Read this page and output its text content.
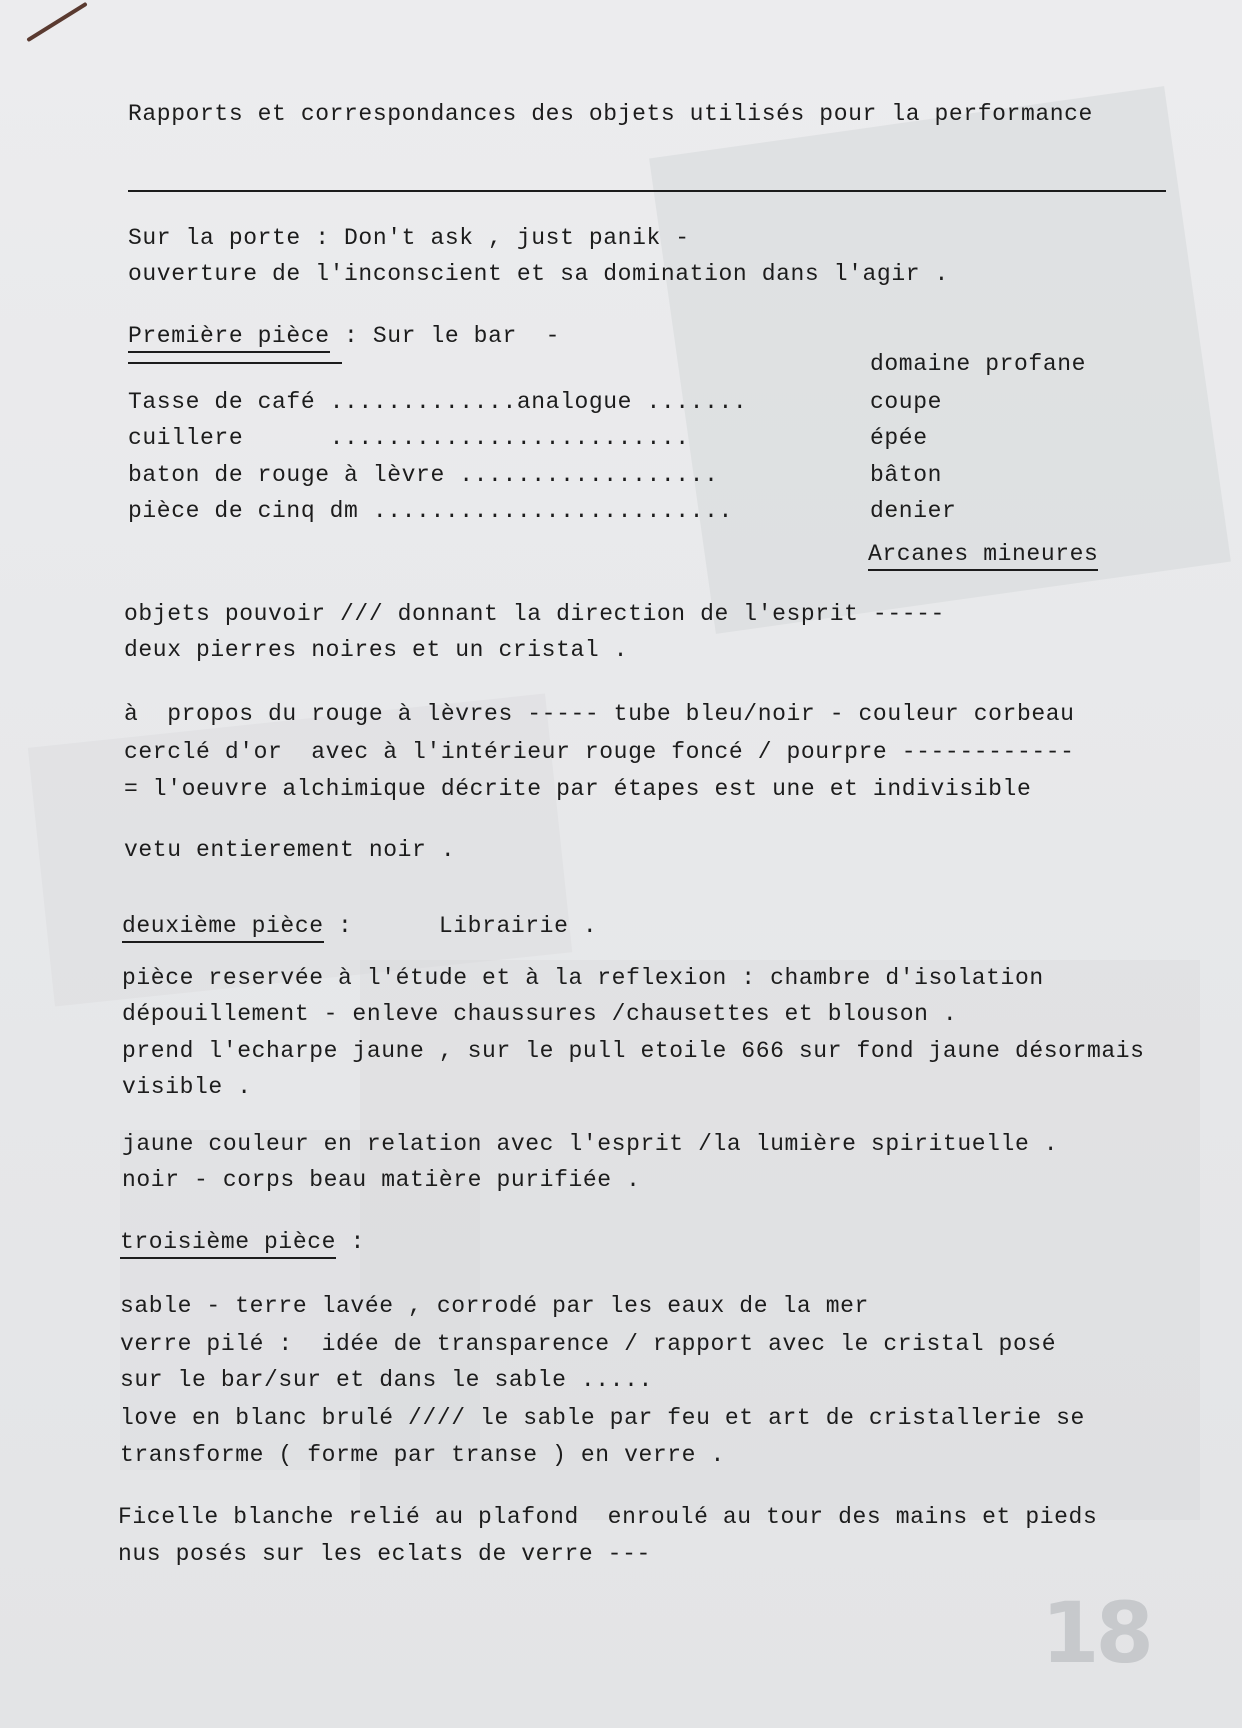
Rapports et correspondances des objets utilisés pour la performance
Sur la porte : Don't ask , just panik -
ouverture de l'inconscient et sa domination dans l'agir .
Première pièce : Sur le bar  -
domaine profane
Tasse de café .............analogue .......	coupe
cuillere      .........................	épée
baton de rouge à lèvre ..................	bâton
pièce de cinq dm .........................	denier
Arcanes mineures
objets pouvoir /// donnant la direction de l'esprit -----
deux pierres noires et un cristal .
à  propos du rouge à lèvres ----- tube bleu/noir - couleur corbeau
cerclé d'or  avec à l'intérieur rouge foncé / pourpre ------------
= l'oeuvre alchimique décrite par étapes est une et indivisible
vetu entierement noir .
deuxième pièce :      Librairie .
pièce reservée à l'étude et à la reflexion : chambre d'isolation
dépouillement - enleve chaussures /chausettes et blouson .
prend l'echarpe jaune , sur le pull etoile 666 sur fond jaune désormais
visible .
jaune couleur en relation avec l'esprit /la lumière spirituelle .
noir - corps beau matière purifiée .
troisième pièce :
sable - terre lavée , corrodé par les eaux de la mer
verre pilé :  idée de transparence / rapport avec le cristal posé
sur le bar/sur et dans le sable .....
love en blanc brulé //// le sable par feu et art de cristallerie se
transforme ( forme par transe ) en verre .
Ficelle blanche relié au plafond  enroulé au tour des mains et pieds
nus posés sur les eclats de verre ---
18
